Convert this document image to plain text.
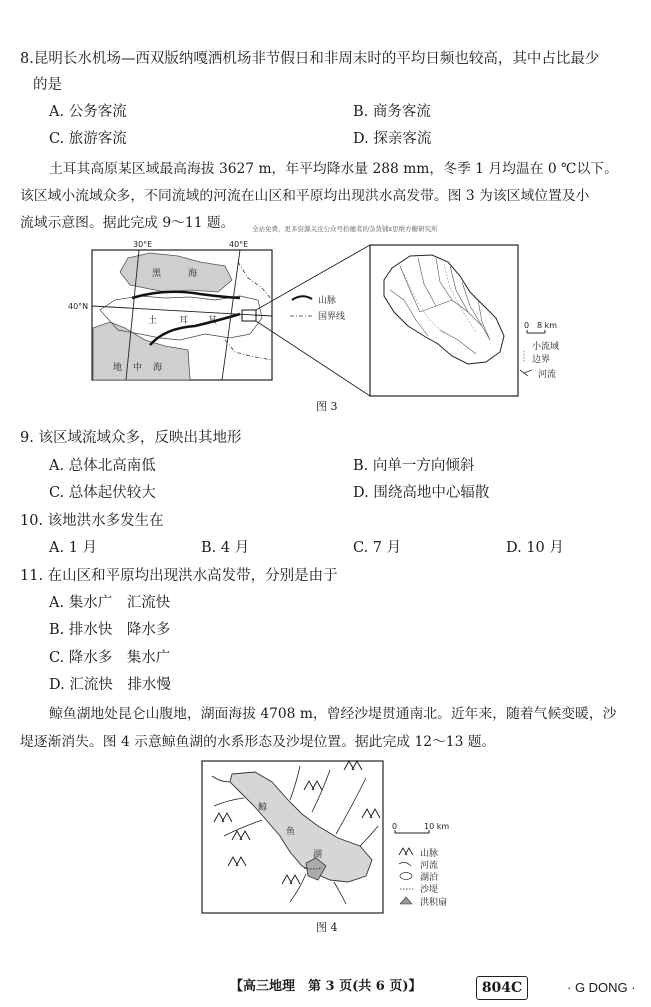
8.昆明长水机场—西双版纳嘎洒机场非节假日和非周末时的平均日频也较高，其中占比最少
的是
A. 公务客流	B. 商务客流
C. 旅游客流	D. 探亲客流
土耳其高原某区域最高海拔 3627 m，年平均降水量 288 mm，冬季 1 月均温在 0 ℃以下。
该区域小流域众多，不同流域的河流在山区和平原均出现洪水高发带。图 3 为该区域位置及小
流域示意图。据此完成 9～11 题。	全站免费，更多资源关注公众号拾穗者的杂货铺x思维方糖研究所
30°E	40°E
40°N
黑	海
土 耳 其
地 中 海
山脉
国界线
0 8 km
小流域
边界
河流
图 3
9. 该区域流域众多，反映出其地形
A. 总体北高南低	B. 向单一方向倾斜
C. 总体起伏较大	D. 围绕高地中心辐散
10. 该地洪水多发生在
A. 1 月	B. 4 月	C. 7 月	D. 10 月
11. 在山区和平原均出现洪水高发带，分别是由于
A. 集水广　汇流快
B. 排水快　降水多
C. 降水多　集水广
D. 汇流快　排水慢
鲸鱼湖地处昆仑山腹地，湖面海拔 4708 m，曾经沙堤贯通南北。近年来，随着气候变暖，沙
堤逐渐消失。图 4 示意鲸鱼湖的水系形态及沙堤位置。据此完成 12～13 题。
鲸
鱼
湖
0	10 km
山脉
河流
湖泊
沙堤
洪积扇
图 4
【高三地理　第 3 页(共 6 页)】	804C	· G DONG ·
